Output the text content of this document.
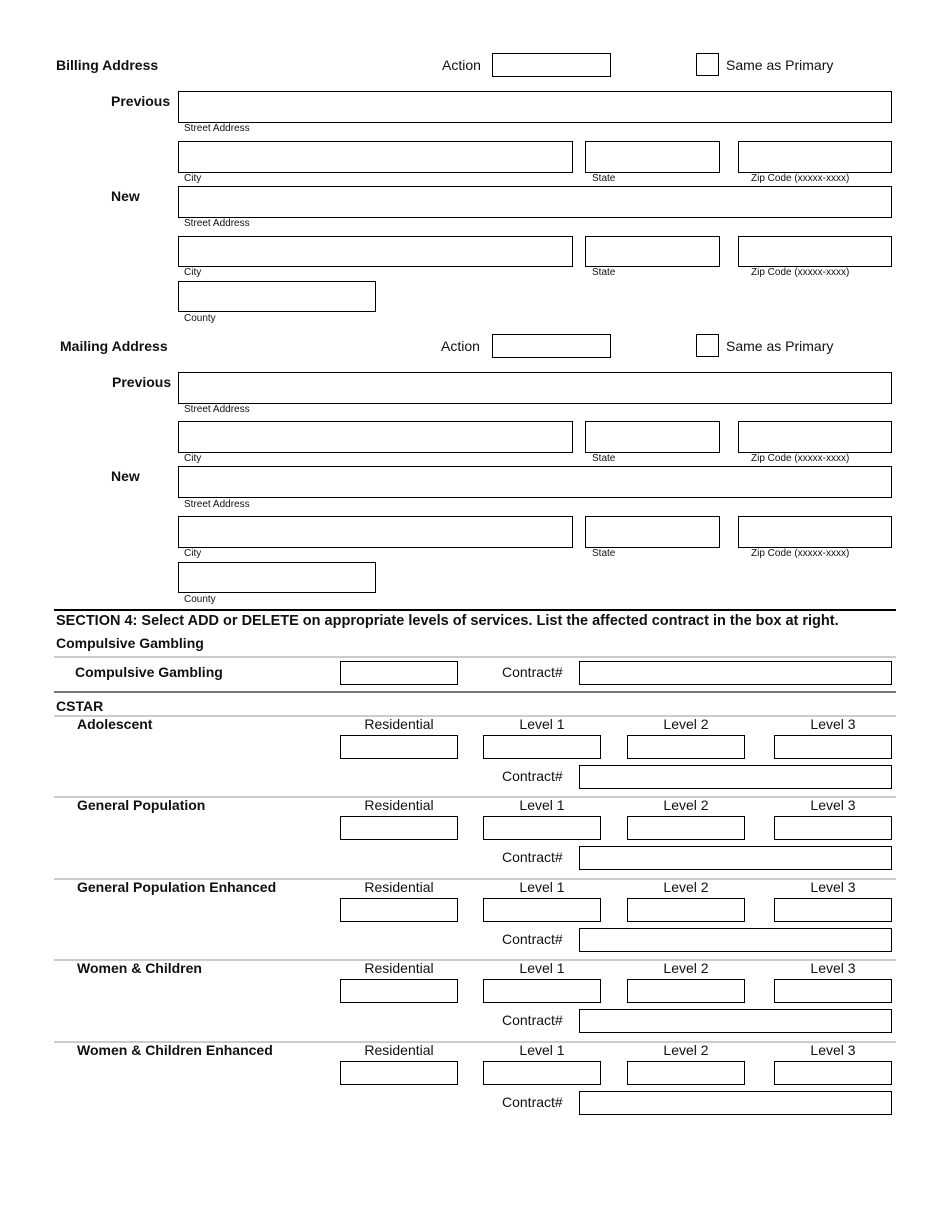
Billing Address	Action	Same as Primary
Previous
Street Address
City	State	Zip Code (xxxxx-xxxx)
New
Street Address
City	State	Zip Code (xxxxx-xxxx)
County
Mailing Address	Action	Same as Primary
Previous
Street Address
City	State	Zip Code (xxxxx-xxxx)
New
Street Address
City	State	Zip Code (xxxxx-xxxx)
County
SECTION 4: Select ADD or DELETE on appropriate levels of services. List the affected contract in the box at right.
Compulsive Gambling
Compulsive Gambling	Contract#
CSTAR
Adolescent	Residential	Level 1	Level 2	Level 3
Contract#
General Population	Residential	Level 1	Level 2	Level 3
Contract#
General Population Enhanced	Residential	Level 1	Level 2	Level 3
Contract#
Women & Children	Residential	Level 1	Level 2	Level 3
Contract#
Women & Children Enhanced	Residential	Level 1	Level 2	Level 3
Contract#
